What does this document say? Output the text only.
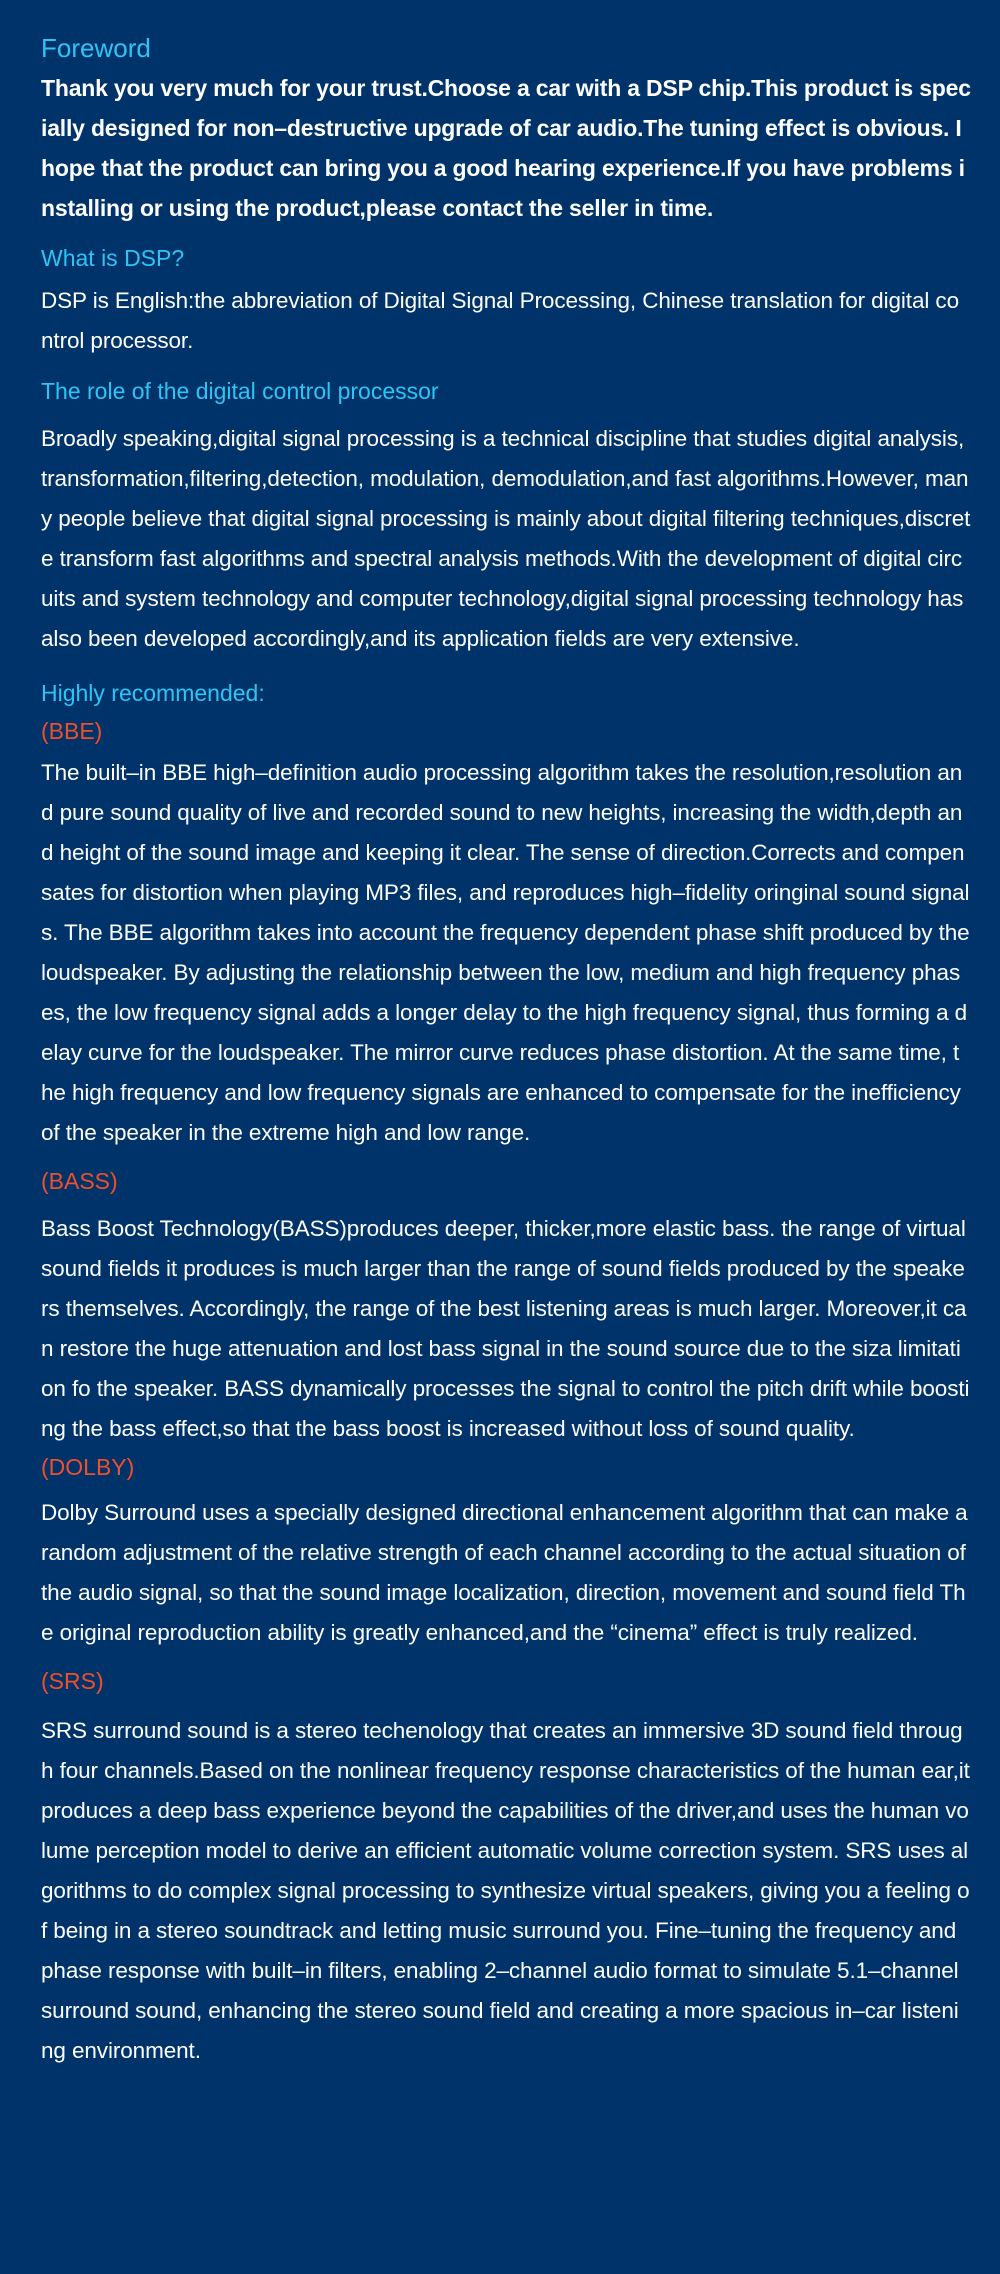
Foreword

Thank you very much for your trust.Choose a car with a DSP chip.This product is specially designed for non–destructive upgrade of car audio.The tuning effect is obvious. I hope that the product can bring you a good hearing experience.If you have problems installing or using the product,please contact the seller in time.

What is DSP?

DSP is English:the abbreviation of Digital Signal Processing, Chinese translation for digital control processor.

The role of the digital control processor

Broadly speaking,digital signal processing is a technical discipline that studies digital analysis, transformation,filtering,detection, modulation, demodulation,and fast algorithms.However, many people believe that digital signal processing is mainly about digital filtering techniques,discrete transform fast algorithms and spectral analysis methods.With the development of digital circuits and system technology and computer technology,digital signal processing technology has also been developed accordingly,and its application fields are very extensive.

Highly recommended:
(BBE)

The built–in BBE high–definition audio processing algorithm takes the resolution,resolution and pure sound quality of live and recorded sound to new heights, increasing the width,depth and height of the sound image and keeping it clear. The sense of direction.Corrects and compensates for distortion when playing MP3 files, and reproduces high–fidelity oringinal sound signals. The BBE algorithm takes into account the frequency dependent phase shift produced by the loudspeaker. By adjusting the relationship between the low, medium and high frequency phases, the low frequency signal adds a longer delay to the high frequency signal, thus forming a delay curve for the loudspeaker. The mirror curve reduces phase distortion. At the same time, the high frequency and low frequency signals are enhanced to compensate for the inefficiency of the speaker in the extreme high and low range.

(BASS)

Bass Boost Technology(BASS)produces deeper, thicker,more elastic bass. the range of virtual sound fields it produces is much larger than the range of sound fields produced by the speakers themselves. Accordingly, the range of the best listening areas is much larger. Moreover,it can restore the huge attenuation and lost bass signal in the sound source due to the siza limitation fo the speaker. BASS dynamically processes the signal to control the pitch drift while boosting the bass effect,so that the bass boost is increased without loss of sound quality.

(DOLBY)

Dolby Surround uses a specially designed directional enhancement algorithm that can make a random adjustment of the relative strength of each channel according to the actual situation of the audio signal, so that the sound image localization, direction, movement and sound field The original reproduction ability is greatly enhanced,and the “cinema” effect is truly realized.

(SRS)

SRS surround sound is a stereo techenology that creates an immersive 3D sound field through four channels.Based on the nonlinear frequency response characteristics of the human ear,it produces a deep bass experience beyond the capabilities of the driver,and uses the human volume perception model to derive an efficient automatic volume correction system. SRS uses algorithms to do complex signal processing to synthesize virtual speakers, giving you a feeling of being in a stereo soundtrack and letting music surround you. Fine–tuning the frequency and phase response with built–in filters, enabling 2–channel audio format to simulate 5.1–channel surround sound, enhancing the stereo sound field and creating a more spacious in–car listening environment.
